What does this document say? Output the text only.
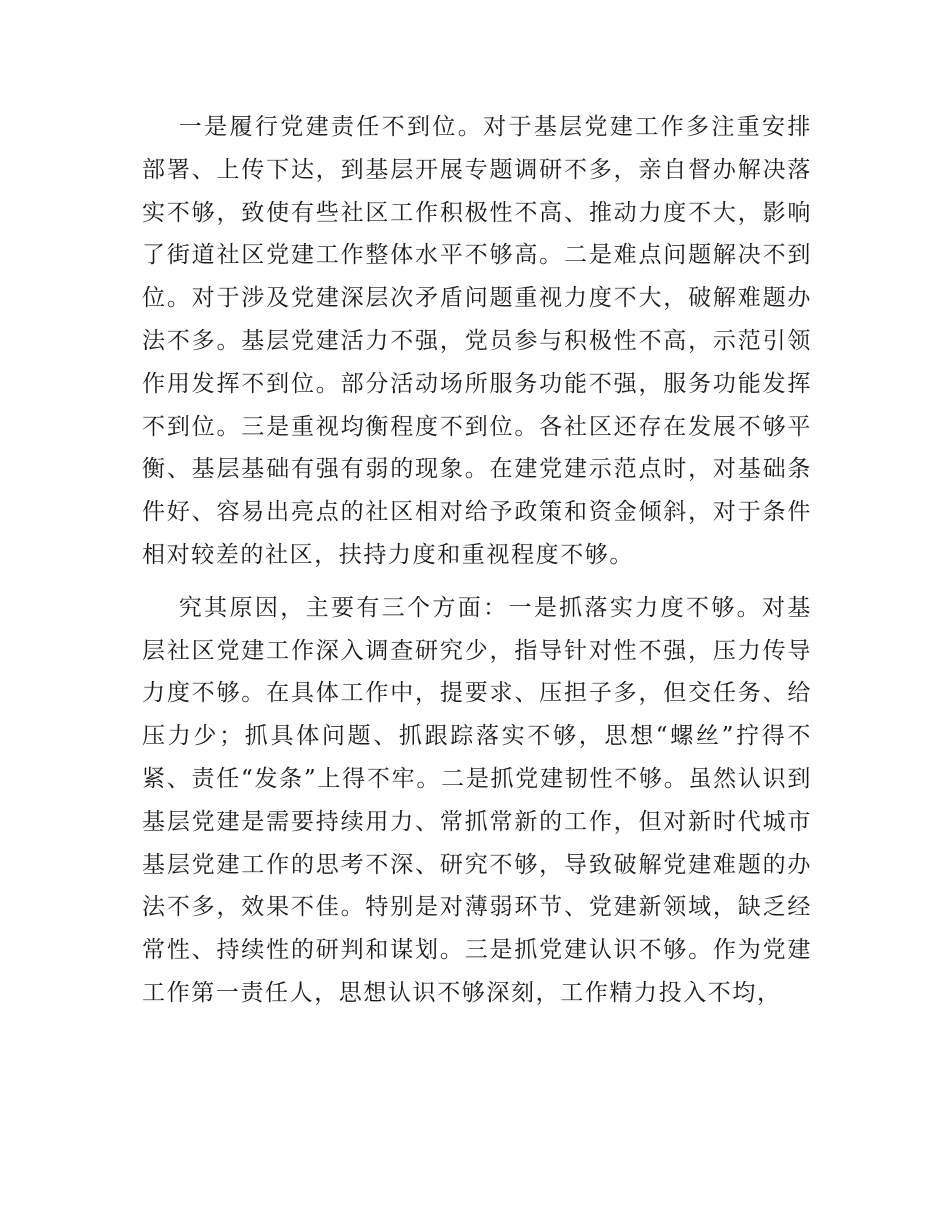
一是履行党建责任不到位。对于基层党建工作多注重安排部署、上传下达，到基层开展专题调研不多，亲自督办解决落实不够，致使有些社区工作积极性不高、推动力度不大，影响了街道社区党建工作整体水平不够高。二是难点问题解决不到位。对于涉及党建深层次矛盾问题重视力度不大，破解难题办法不多。基层党建活力不强，党员参与积极性不高，示范引领作用发挥不到位。部分活动场所服务功能不强，服务功能发挥不到位。三是重视均衡程度不到位。各社区还存在发展不够平衡、基层基础有强有弱的现象。在建党建示范点时，对基础条件好、容易出亮点的社区相对给予政策和资金倾斜，对于条件相对较差的社区，扶持力度和重视程度不够。

究其原因，主要有三个方面：一是抓落实力度不够。对基层社区党建工作深入调查研究少，指导针对性不强，压力传导力度不够。在具体工作中，提要求、压担子多，但交任务、给压力少；抓具体问题、抓跟踪落实不够，思想“螺丝”拧得不紧、责任“发条”上得不牢。二是抓党建韧性不够。虽然认识到基层党建是需要持续用力、常抓常新的工作，但对新时代城市基层党建工作的思考不深、研究不够，导致破解党建难题的办法不多，效果不佳。特别是对薄弱环节、党建新领域，缺乏经常性、持续性的研判和谋划。三是抓党建认识不够。作为党建工作第一责任人，思想认识不够深刻，工作精力投入不均，
